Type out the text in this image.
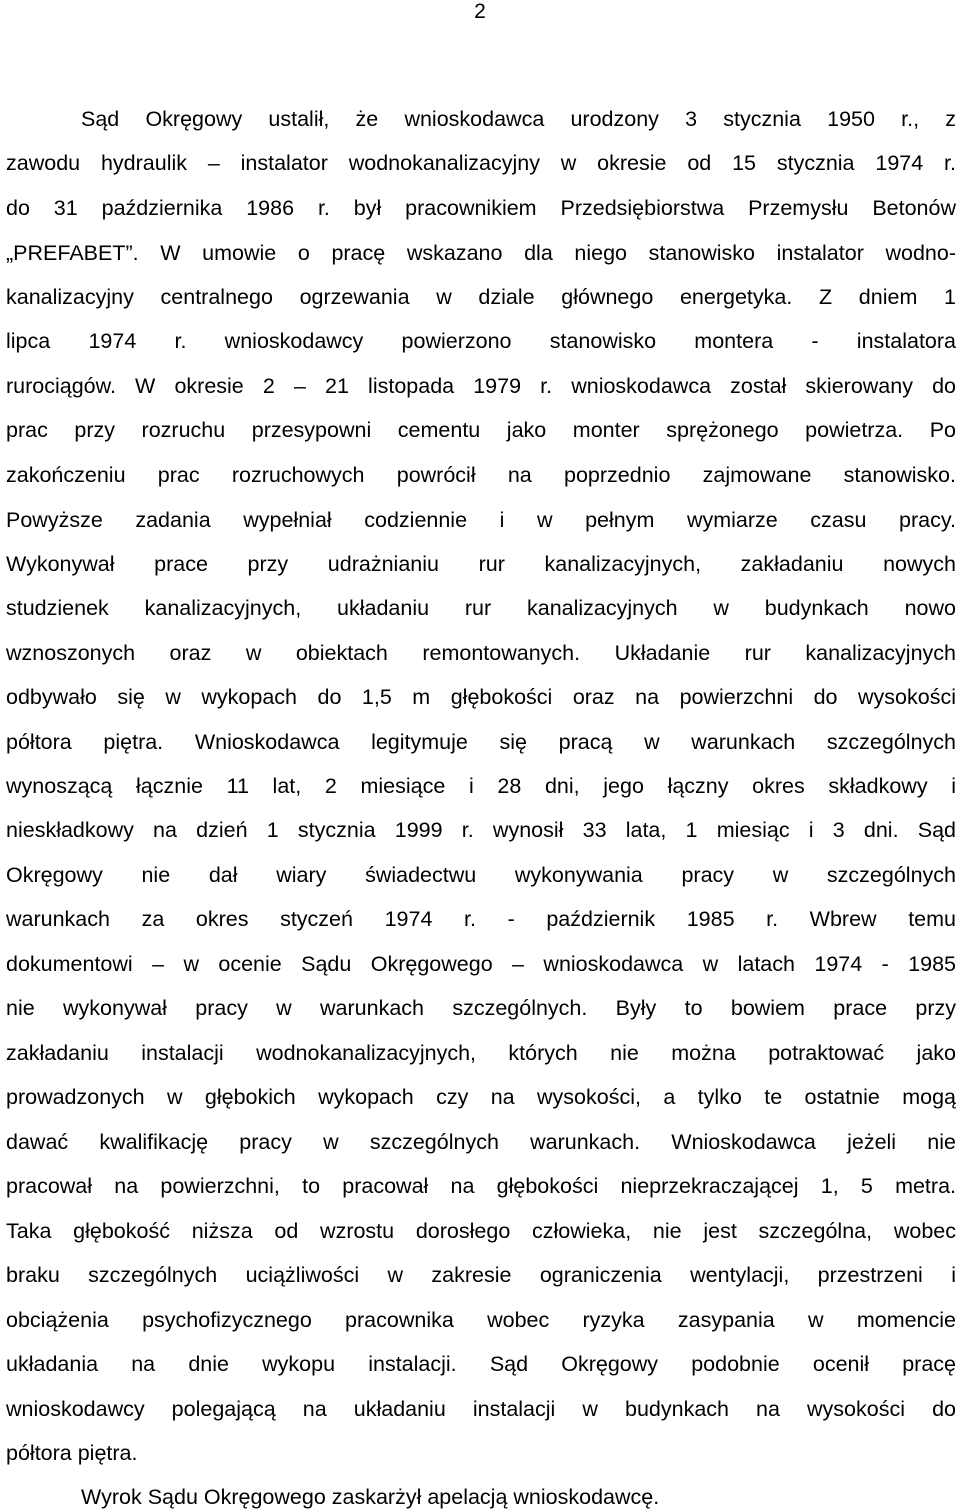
2
Sąd Okręgowy ustalił, że wnioskodawca urodzony 3 stycznia 1950 r., z
zawodu hydraulik – instalator wodnokanalizacyjny w okresie od 15 stycznia 1974 r.
do 31 października 1986 r. był pracownikiem Przedsiębiorstwa Przemysłu Betonów
„PREFABET”. W umowie o pracę wskazano dla niego stanowisko instalator wodno-
kanalizacyjny centralnego ogrzewania w dziale głównego energetyka. Z dniem 1
lipca 1974 r. wnioskodawcy powierzono stanowisko montera - instalatora
rurociągów. W okresie 2 – 21 listopada 1979 r. wnioskodawca został skierowany do
prac przy rozruchu przesypowni cementu jako monter sprężonego powietrza. Po
zakończeniu prac rozruchowych powrócił na poprzednio zajmowane stanowisko.
Powyższe zadania wypełniał codziennie i w pełnym wymiarze czasu pracy.
Wykonywał prace przy udrażnianiu rur kanalizacyjnych, zakładaniu nowych
studzienek kanalizacyjnych, układaniu rur kanalizacyjnych w budynkach nowo
wznoszonych oraz w obiektach remontowanych. Układanie rur kanalizacyjnych
odbywało się w wykopach do 1,5 m głębokości oraz na powierzchni do wysokości
półtora piętra. Wnioskodawca legitymuje się pracą w warunkach szczególnych
wynoszącą łącznie 11 lat, 2 miesiące i 28 dni, jego łączny okres składkowy i
nieskładkowy na dzień 1 stycznia 1999 r. wynosił 33 lata, 1 miesiąc i 3 dni. Sąd
Okręgowy nie dał wiary świadectwu wykonywania pracy w szczególnych
warunkach za okres styczeń 1974 r. - październik 1985 r. Wbrew temu
dokumentowi – w ocenie Sądu Okręgowego – wnioskodawca w latach 1974 - 1985
nie wykonywał pracy w warunkach szczególnych. Były to bowiem prace przy
zakładaniu instalacji wodnokanalizacyjnych, których nie można potraktować jako
prowadzonych w głębokich wykopach czy na wysokości, a tylko te ostatnie mogą
dawać kwalifikację pracy w szczególnych warunkach. Wnioskodawca jeżeli nie
pracował na powierzchni, to pracował na głębokości nieprzekraczającej 1, 5 metra.
Taka głębokość niższa od wzrostu dorosłego człowieka, nie jest szczególna, wobec
braku szczególnych uciążliwości w zakresie ograniczenia wentylacji, przestrzeni i
obciążenia psychofizycznego pracownika wobec ryzyka zasypania w momencie
układania na dnie wykopu instalacji. Sąd Okręgowy podobnie ocenił pracę
wnioskodawcy polegającą na układaniu instalacji w budynkach na wysokości do
półtora piętra.
Wyrok Sądu Okręgowego zaskarżył apelacją wnioskodawcę.
